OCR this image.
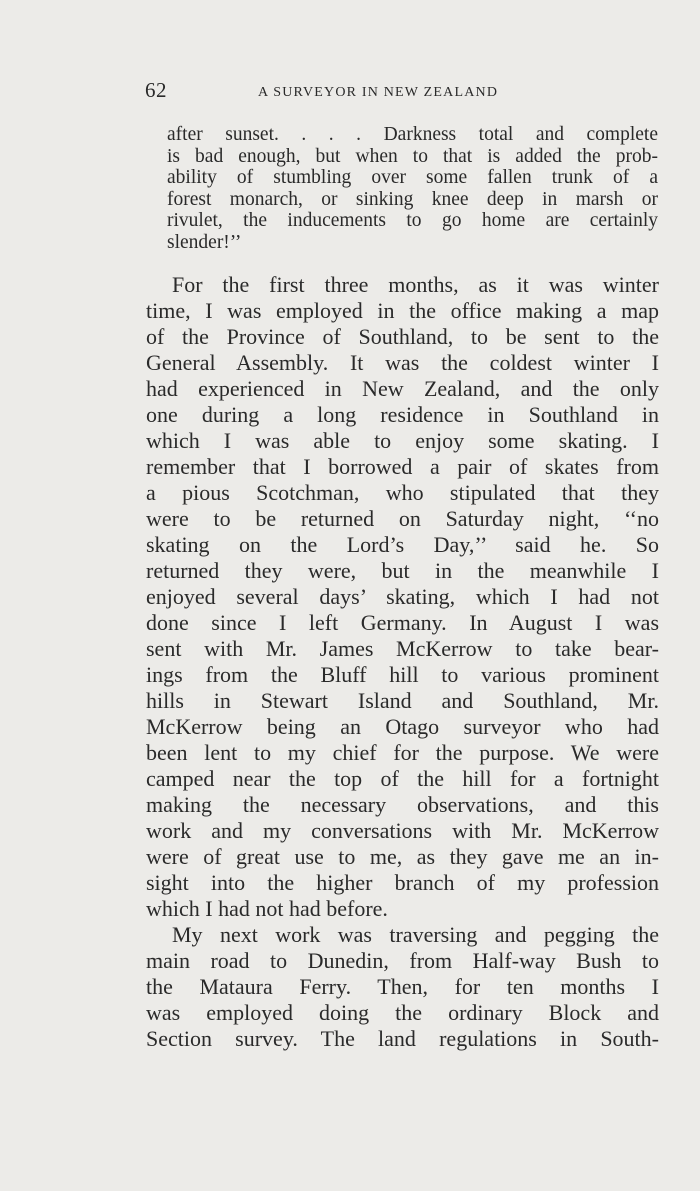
62	A SURVEYOR IN NEW ZEALAND
after sunset. . . . Darkness total and complete
is bad enough, but when to that is added the prob-
ability of stumbling over some fallen trunk of a
forest monarch, or sinking knee deep in marsh or
rivulet, the inducements to go home are certainly
slender!’’
For the first three months, as it was winter
time, I was employed in the office making a map
of the Province of Southland, to be sent to the
General Assembly. It was the coldest winter I
had experienced in New Zealand, and the only
one during a long residence in Southland in
which I was able to enjoy some skating. I
remember that I borrowed a pair of skates from
a pious Scotchman, who stipulated that they
were to be returned on Saturday night, ‘‘no
skating on the Lord’s Day,’’ said he. So
returned they were, but in the meanwhile I
enjoyed several days’ skating, which I had not
done since I left Germany. In August I was
sent with Mr. James McKerrow to take bear-
ings from the Bluff hill to various prominent
hills in Stewart Island and Southland, Mr.
McKerrow being an Otago surveyor who had
been lent to my chief for the purpose. We were
camped near the top of the hill for a fortnight
making the necessary observations, and this
work and my conversations with Mr. McKerrow
were of great use to me, as they gave me an in-
sight into the higher branch of my profession
which I had not had before.
My next work was traversing and pegging the
main road to Dunedin, from Half-way Bush to
the Mataura Ferry. Then, for ten months I
was employed doing the ordinary Block and
Section survey. The land regulations in South-
